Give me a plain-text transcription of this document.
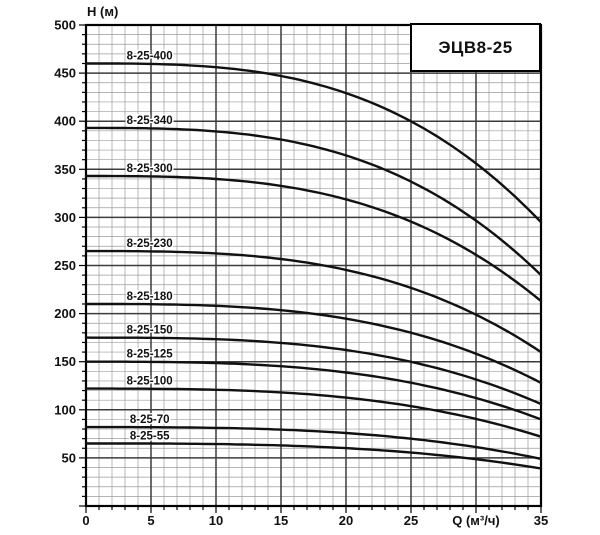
0	5	10	15	20	25	Q (м³/ч)	35
50
100
150
200
250
300
350
400
450
500
H (м)
8-25-400
8-25-340
8-25-300
8-25-230
8-25-180
8-25-150
8-25-125
8-25-100
8-25-70
8-25-55
ЭЦВ8-25
